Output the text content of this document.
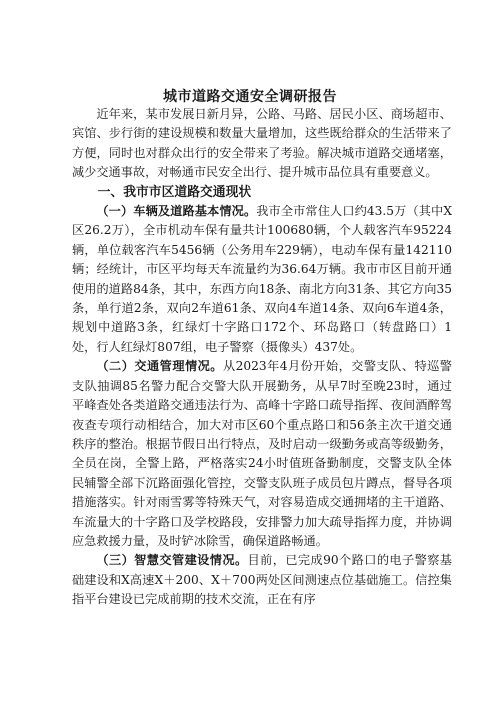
城市道路交通安全调研报告

近年来，某市发展日新月异，公路、马路、居民小区、商场超市、宾馆、步行街的建设规模和数量大量增加，这些既给群众的生活带来了方便，同时也对群众出行的安全带来了考验。解决城市道路交通堵塞，减少交通事故，对畅通市民安全出行、提升城市品位具有重要意义。

一、我市市区道路交通现状

（一）车辆及道路基本情况。我市全市常住人口约43.5万（其中X区26.2万），全市机动车保有量共计100680辆，个人载客汽车95224辆，单位载客汽车5456辆（公务用车229辆），电动车保有量142110辆；经统计，市区平均每天车流量约为36.64万辆。我市市区目前开通使用的道路84条，其中，东西方向18条、南北方向31条、其它方向35条，单行道2条，双向2车道61条、双向4车道14条、双向6车道4条，规划中道路3条，红绿灯十字路口172个、环岛路口（转盘路口）1处，行人红绿灯807组，电子警察（摄像头）437处。

（二）交通管理情况。从2023年4月份开始，交警支队、特巡警支队抽调85名警力配合交警大队开展勤务，从早7时至晚23时，通过平峰查处各类道路交通违法行为、高峰十字路口疏导指挥、夜间酒醉驾夜查专项行动相结合，加大对市区60个重点路口和56条主次干道交通秩序的整治。根据节假日出行特点，及时启动一级勤务或高等级勤务，全员在岗，全警上路，严格落实24小时值班备勤制度，交警支队全体民辅警全部下沉路面强化管控，交警支队班子成员包片蹲点，督导各项措施落实。针对雨雪雾等特殊天气，对容易造成交通拥堵的主干道路、车流量大的十字路口及学校路段，安排警力加大疏导指挥力度，并协调应急救援力量，及时铲冰除雪，确保道路畅通。

（三）智慧交管建设情况。目前，已完成90个路口的电子警察基础建设和X高速X＋200、X＋700两处区间测速点位基础施工。信控集指平台建设已完成前期的技术交流，正在有序
